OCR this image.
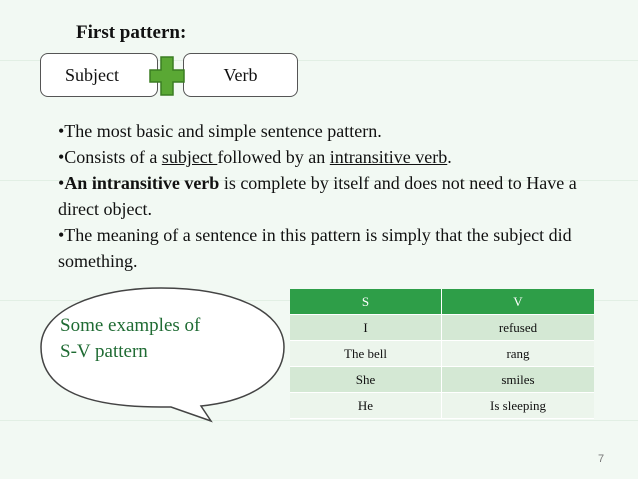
First pattern:
Subject	Verb
•The most basic and simple sentence pattern.
•Consists of a subject followed by an intransitive verb.
•An intransitive verb is complete by itself and does not need to Have a direct object.
•The meaning of a sentence in this pattern is simply that the subject did something.
Some examples of
S-V pattern
S	V
I	refused
The bell	rang
She	smiles
He	Is sleeping
7
